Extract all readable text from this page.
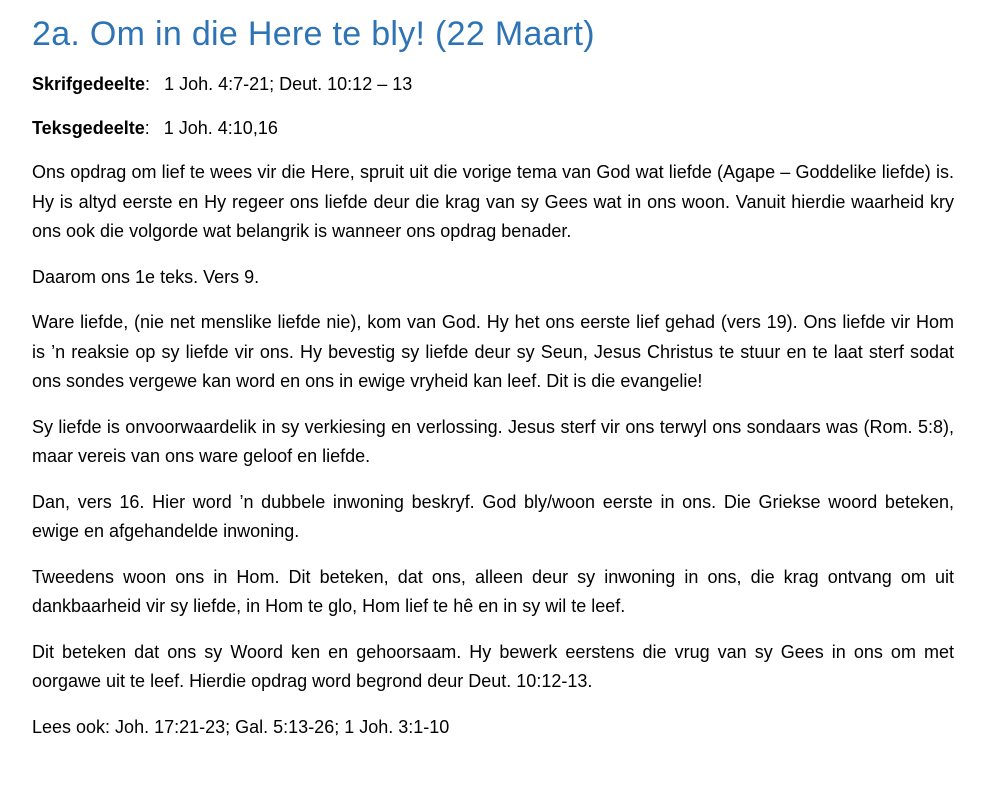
2a. Om in die Here te bly! (22 Maart)

Skrifgedeelte: 1 Joh. 4:7-21; Deut. 10:12 – 13

Teksgedeelte: 1 Joh. 4:10,16

Ons opdrag om lief te wees vir die Here, spruit uit die vorige tema van God wat liefde (Agape – Goddelike liefde) is. Hy is altyd eerste en Hy regeer ons liefde deur die krag van sy Gees wat in ons woon. Vanuit hierdie waarheid kry ons ook die volgorde wat belangrik is wanneer ons opdrag benader.

Daarom ons 1e teks. Vers 9.

Ware liefde, (nie net menslike liefde nie), kom van God. Hy het ons eerste lief gehad (vers 19). Ons liefde vir Hom is ’n reaksie op sy liefde vir ons. Hy bevestig sy liefde deur sy Seun, Jesus Christus te stuur en te laat sterf sodat ons sondes vergewe kan word en ons in ewige vryheid kan leef. Dit is die evangelie!

Sy liefde is onvoorwaardelik in sy verkiesing en verlossing. Jesus sterf vir ons terwyl ons sondaars was (Rom. 5:8), maar vereis van ons ware geloof en liefde.

Dan, vers 16. Hier word ’n dubbele inwoning beskryf. God bly/woon eerste in ons. Die Griekse woord beteken, ewige en afgehandelde inwoning.

Tweedens woon ons in Hom. Dit beteken, dat ons, alleen deur sy inwoning in ons, die krag ontvang om uit dankbaarheid vir sy liefde, in Hom te glo, Hom lief te hê en in sy wil te leef.

Dit beteken dat ons sy Woord ken en gehoorsaam. Hy bewerk eerstens die vrug van sy Gees in ons om met oorgawe uit te leef. Hierdie opdrag word begrond deur Deut. 10:12-13.

Lees ook: Joh. 17:21-23; Gal. 5:13-26; 1 Joh. 3:1-10
